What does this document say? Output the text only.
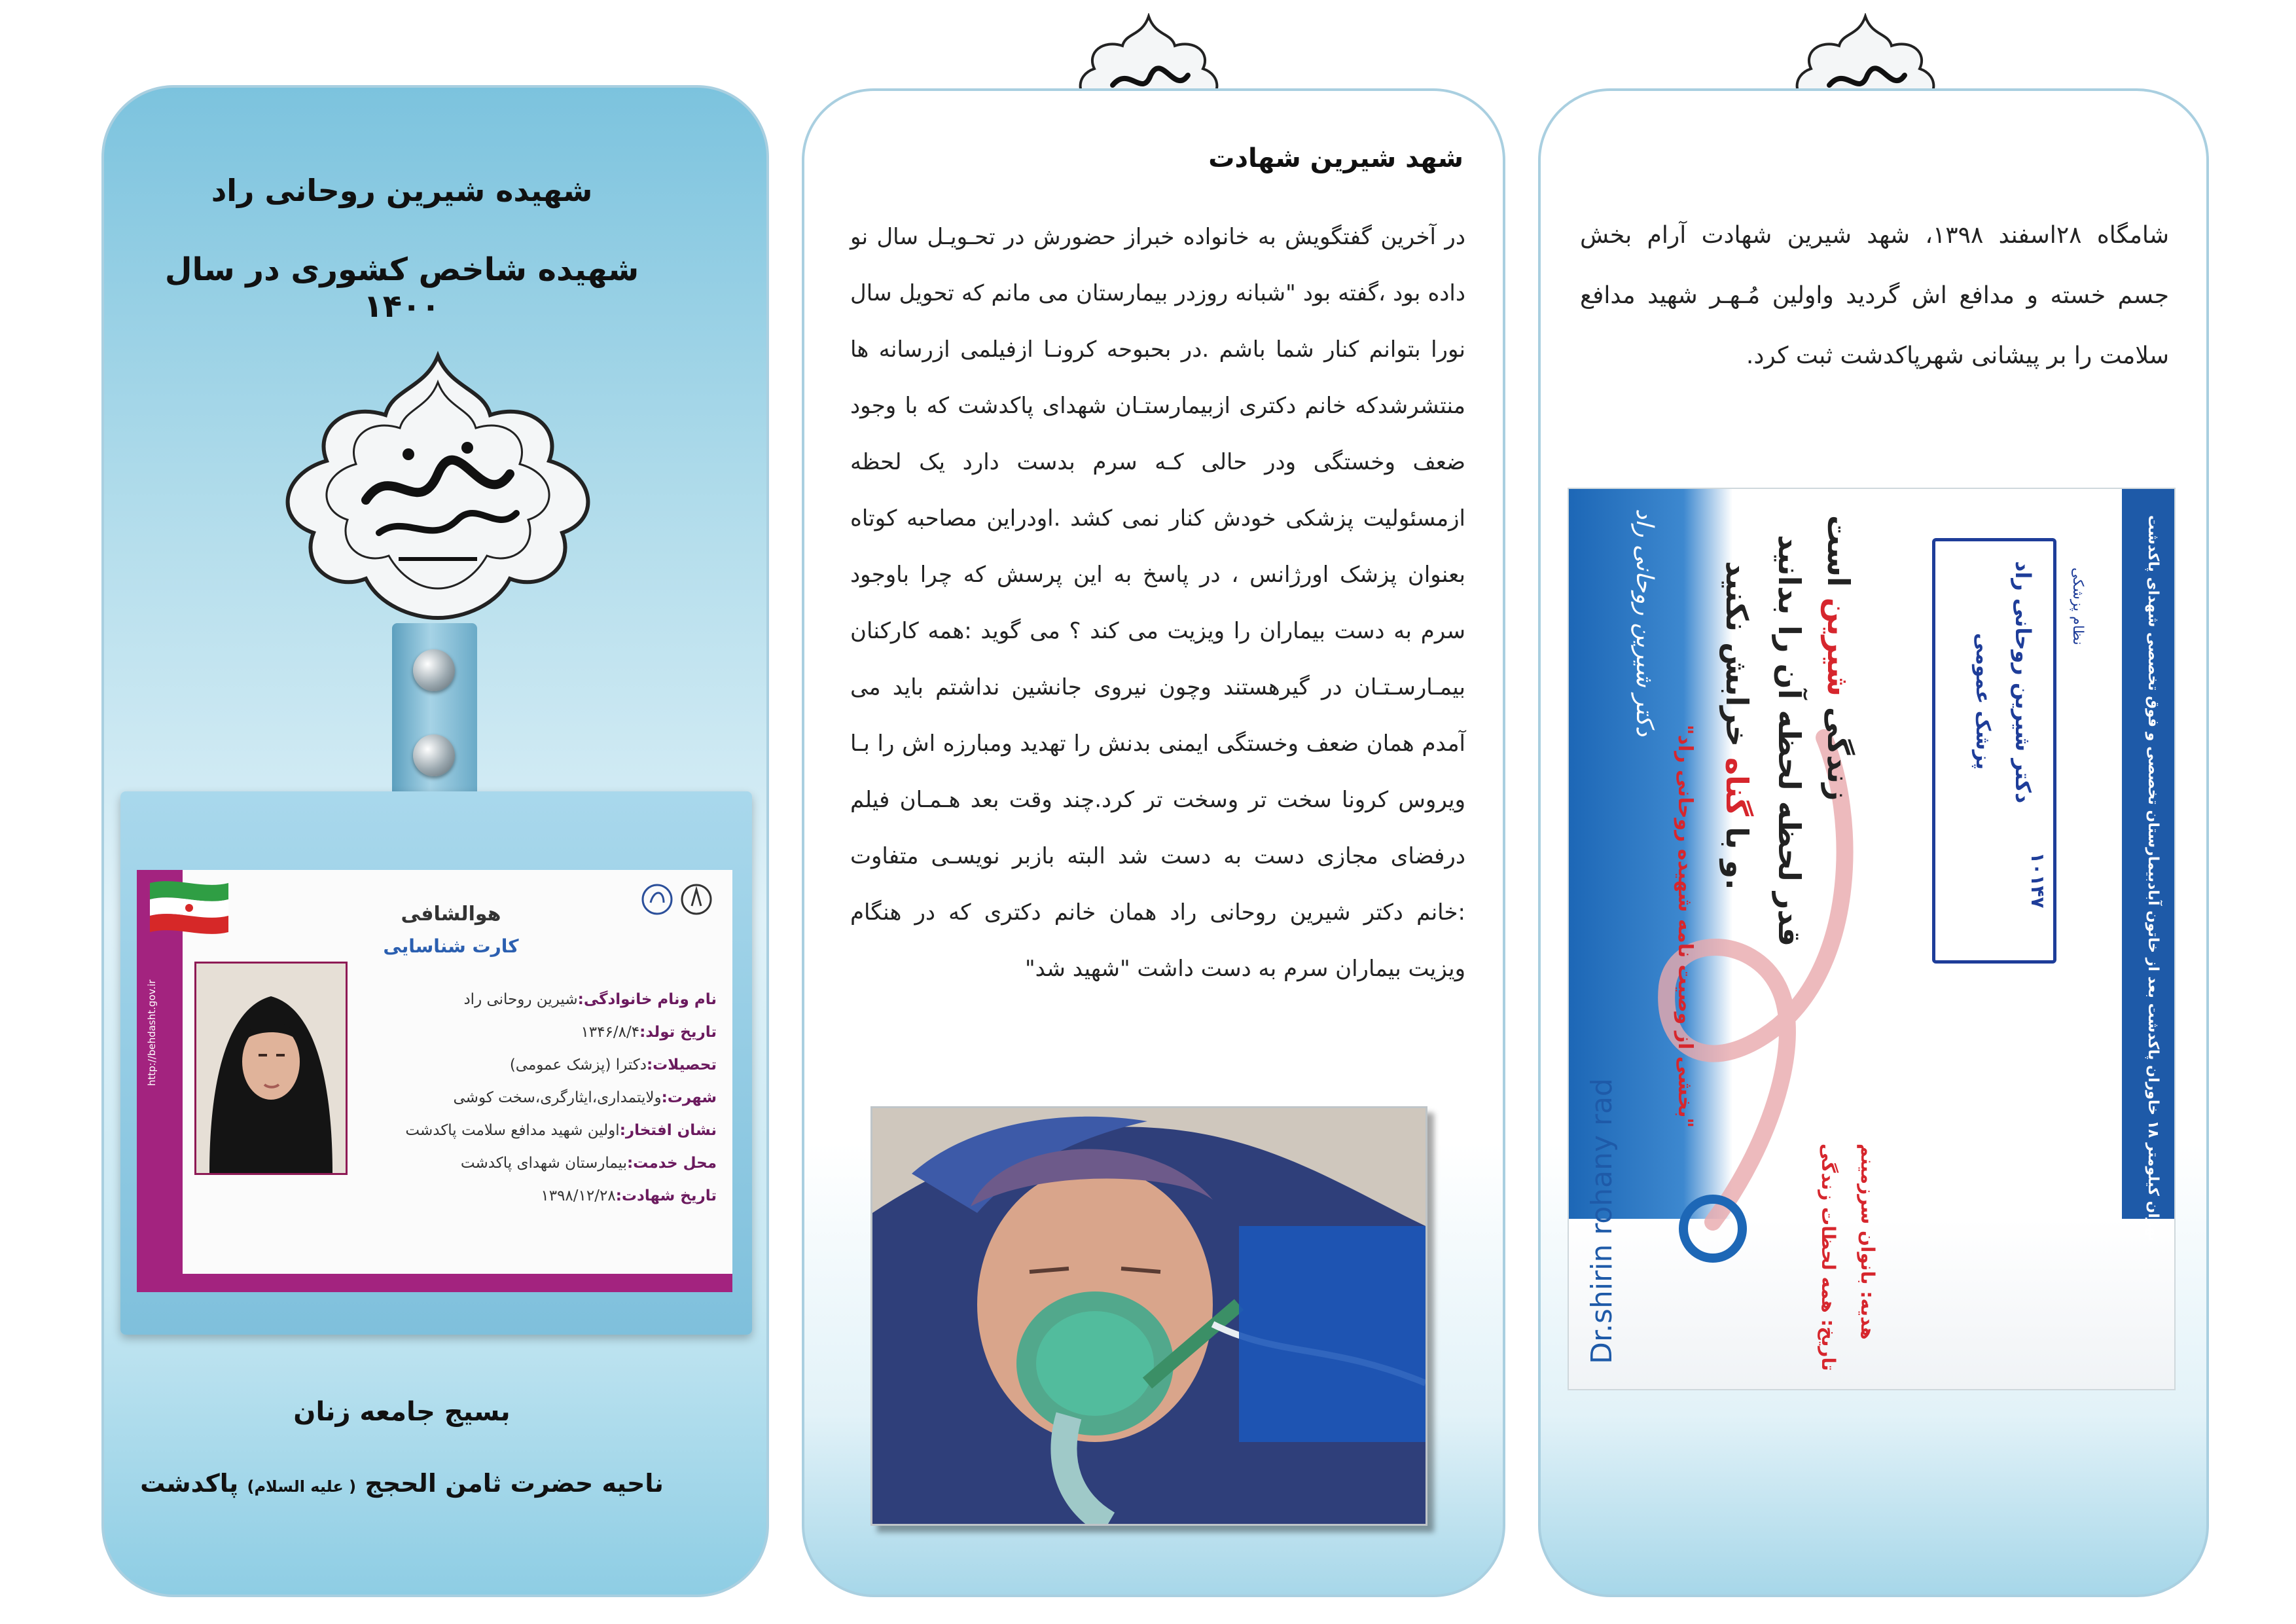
شهیده شیرین روحانی راد
شهیده شاخص کشوری در سال ۱۴۰۰
http://behdasht.gov.ir
هوالشافی
کارت شناسایی
نام ونام خانوادگی:شیرین روحانی راد
تاریخ تولد:۱۳۴۶/۸/۴
تحصیلات:دکترا (پزشک عمومی)
شهرت:ولایتمداری،ایثارگری،سخت کوشی
نشان افتخار:اولین شهید مدافع سلامت پاکدشت
محل خدمت:بیمارستان شهدای پاکدشت
تاریخ شهادت:۱۳۹۸/۱۲/۲۸
بسیج جامعه زنان
ناحیه حضرت ثامن الحجج ( علیه السلام) پاکدشت
شهد شیرین شهادت
در آخرین گفتگویش به خانواده خبراز حضورش در تحـویـل سال نو داده بود ،گفته بود "شبانه روزدر بیمارستان می مانم که تحویل سال نورا بتوانم کنار شما باشم .در بحبوحه کرونـا ازفیلمی ازرسانه ها منتشرشدکه خانم دکتری ازبیمارستـان شهدای پاکدشت که با وجود ضعف وخستگی ودر حالی کـه سرم بدست دارد یک لحظه ازمسئولیت پزشکی خودش کنار نمی کشد .اودراین مصاحبه کوتاه بعنوان پزشک اورژانس ، در پاسخ به این پرسش که چرا باوجود سرم به دست بیماران را ویزیت می کند ؟ می گوید :همه کارکنان بیمـارسـتـان در گیرهستند وچون نیروی جانشین نداشتم باید می آمدم همان ضعف وخستگی ایمنی بدنش را تهدید ومبارزه اش را بـا ویروس کرونا سخت تر وسخت تر کرد.چند وقت بعد هـمـان فیلم درفضای مجازی دست به دست شد البته بازبر نویسـی متفاوت :خانم دکتر شیرین روحانی راد همان خانم دکتری که در هنگام ویزیت بیماران سرم به دست داشت "شهید شد"
شامگاه ۲۸اسفند ۱۳۹۸، شهد شیرین شهادت آرام بخش جسم خسته و مدافع اش گردید واولین مُـهـر شهید مدافع سلامت را بر پیشانی شهرپاکدشت ثبت کرد.
Dr.shirin rohany rad
دکتر شیرین روحانی راد
زندگی شیرین است
قدر لحظه لحظه آن را بدانید
و با گناه خرابش نکنید.
"بخشی از وصیت نامه شهیده روحانی راد"
دکتر شیرین روحانی راد
پزشک عمومی
نظام پزشکی
۱۰۱۴۷
هدیه: بانوان سرزمینم
تاریخ: همه لحظات زندگی
تهران کیلومتر ۱۸ خاوران پاکدشت بعد از خاتون آبادبیمارستان تخصصی و فوق تخصصی شهدای پاکدشت
